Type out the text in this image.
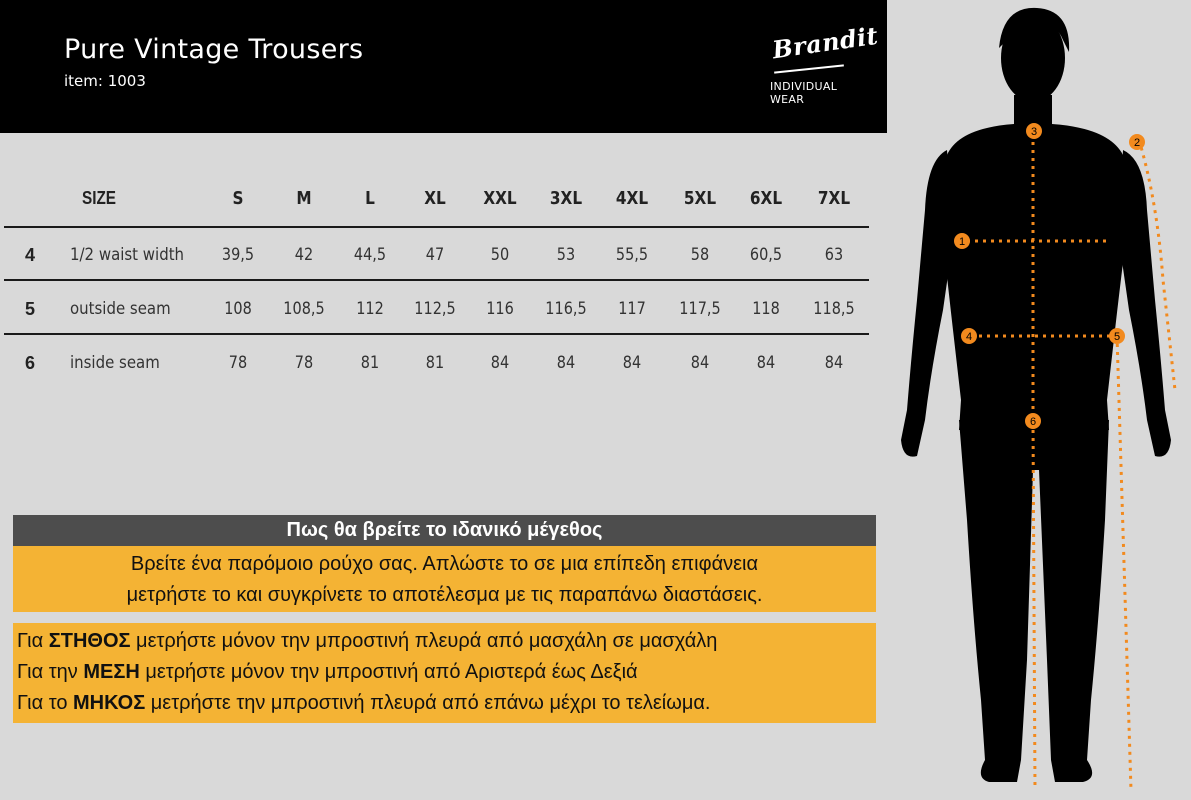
Pure Vintage Trousers
item: 1003
Brandit
INDIVIDUAL WEAR
SIZE	S	M	L	XL	XXL	3XL	4XL	5XL	6XL	7XL
4	1/2 waist width	39,5	42	44,5	47	50	53	55,5	58	60,5	63
5	outside seam	108	108,5	112	112,5	116	116,5	117	117,5	118	118,5
6	inside seam	78	78	81	81	84	84	84	84	84	84
Πως θα βρείτε το ιδανικό μέγεθος
Βρείτε ένα παρόμοιο ρούχο σας. Απλώστε το σε μια επίπεδη επιφάνεια
μετρήστε το και συγκρίνετε το αποτέλεσμα με τις παραπάνω διαστάσεις.
Για ΣΤΗΘΟΣ μετρήστε μόνον την μπροστινή πλευρά από μασχάλη σε μασχάλη
Για την ΜΕΣΗ μετρήστε μόνον την μπροστινή από Αριστερά έως Δεξιά
Για το ΜΗΚΟΣ μετρήστε την μπροστινή πλευρά από επάνω μέχρι το τελείωμα.
1
2
3
4	5
6
